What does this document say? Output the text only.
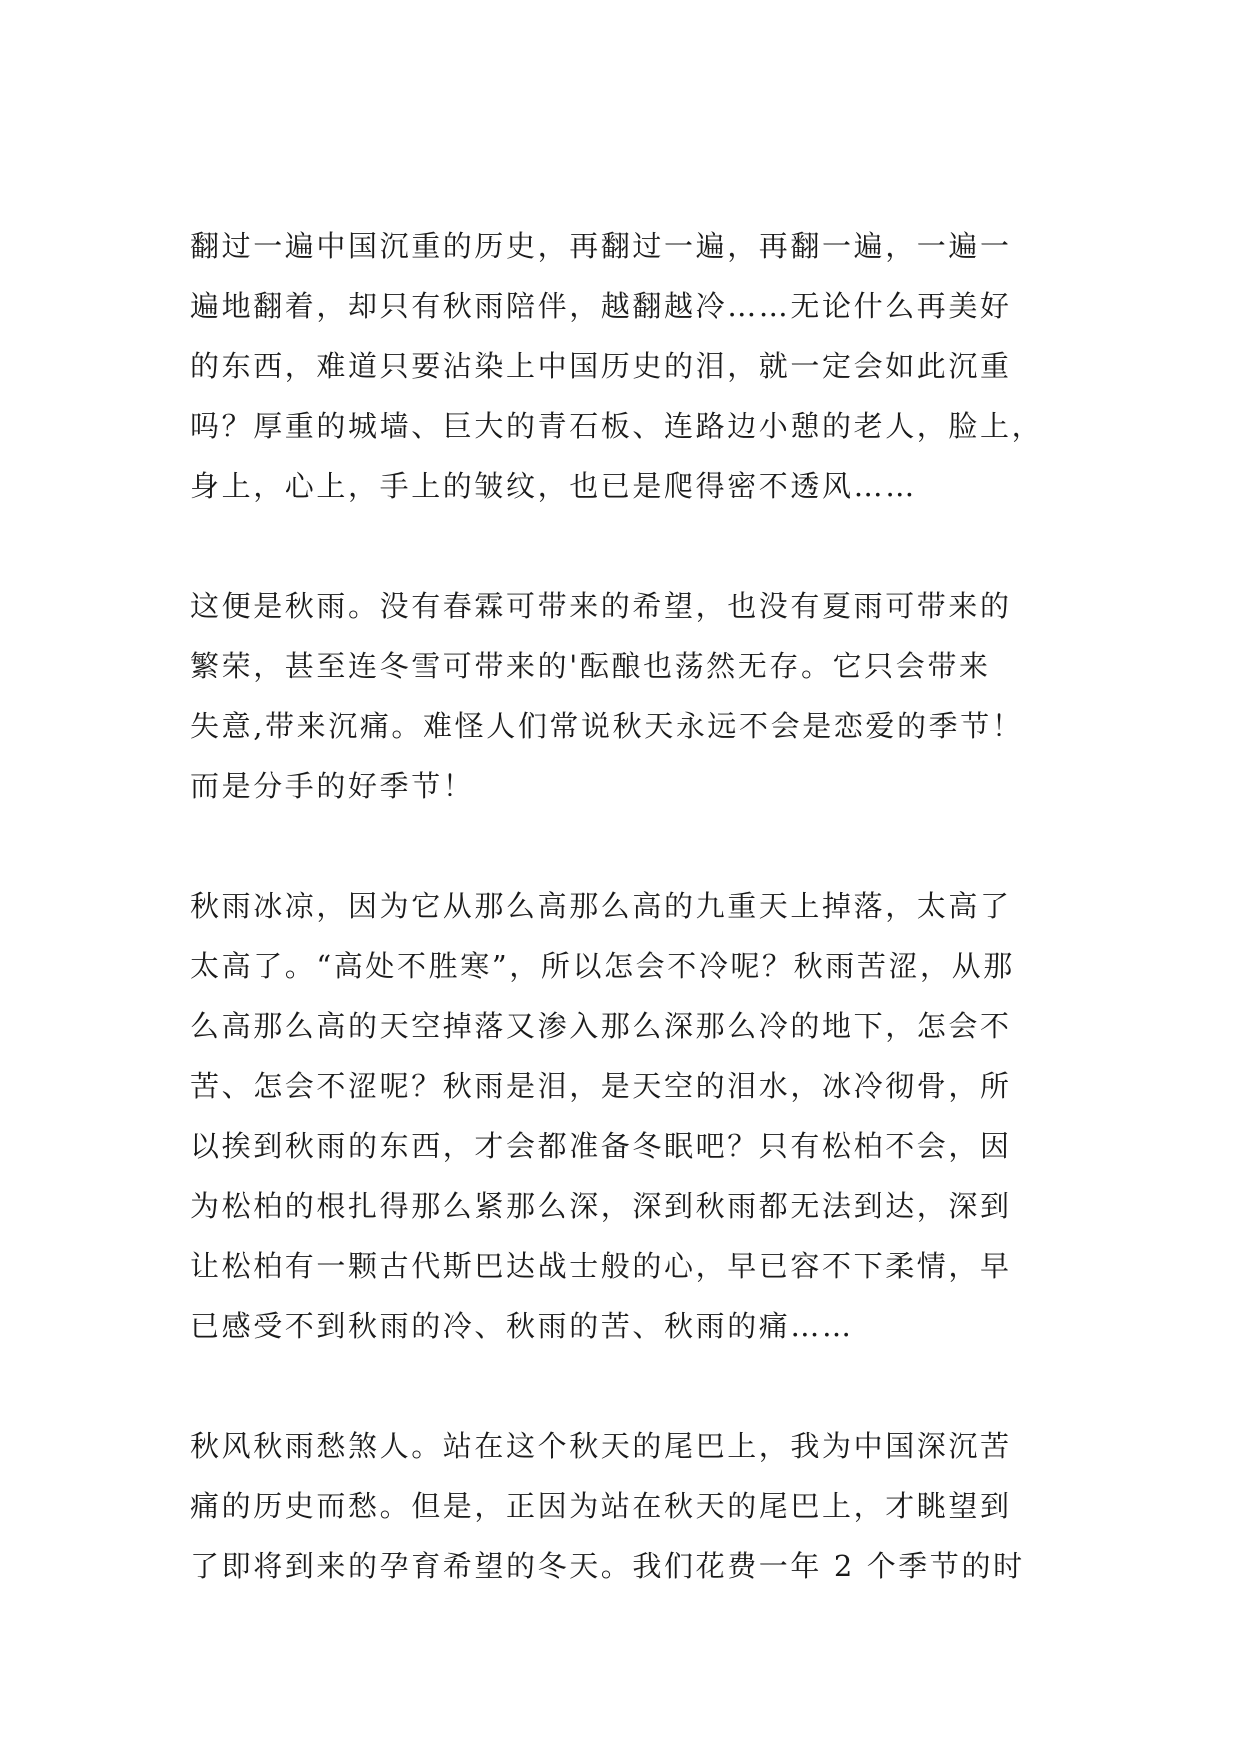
翻过一遍中国沉重的历史，再翻过一遍，再翻一遍，一遍一
遍地翻着，却只有秋雨陪伴，越翻越冷……无论什么再美好
的东西，难道只要沾染上中国历史的泪，就一定会如此沉重
吗？厚重的城墙、巨大的青石板、连路边小憩的老人，脸上，
身上，心上，手上的皱纹，也已是爬得密不透风……

这便是秋雨。没有春霖可带来的希望，也没有夏雨可带来的
繁荣，甚至连冬雪可带来的'酝酿也荡然无存。它只会带来
失意,带来沉痛。难怪人们常说秋天永远不会是恋爱的季节！
而是分手的好季节！

秋雨冰凉，因为它从那么高那么高的九重天上掉落，太高了
太高了。“高处不胜寒”，所以怎会不冷呢？秋雨苦涩，从那
么高那么高的天空掉落又渗入那么深那么冷的地下，怎会不
苦、怎会不涩呢？秋雨是泪，是天空的泪水，冰冷彻骨，所
以挨到秋雨的东西，才会都准备冬眠吧？只有松柏不会，因
为松柏的根扎得那么紧那么深，深到秋雨都无法到达，深到
让松柏有一颗古代斯巴达战士般的心，早已容不下柔情，早
已感受不到秋雨的冷、秋雨的苦、秋雨的痛……

秋风秋雨愁煞人。站在这个秋天的尾巴上，我为中国深沉苦
痛的历史而愁。但是，正因为站在秋天的尾巴上，才眺望到
了即将到来的孕育希望的冬天。我们花费一年 2 个季节的时
